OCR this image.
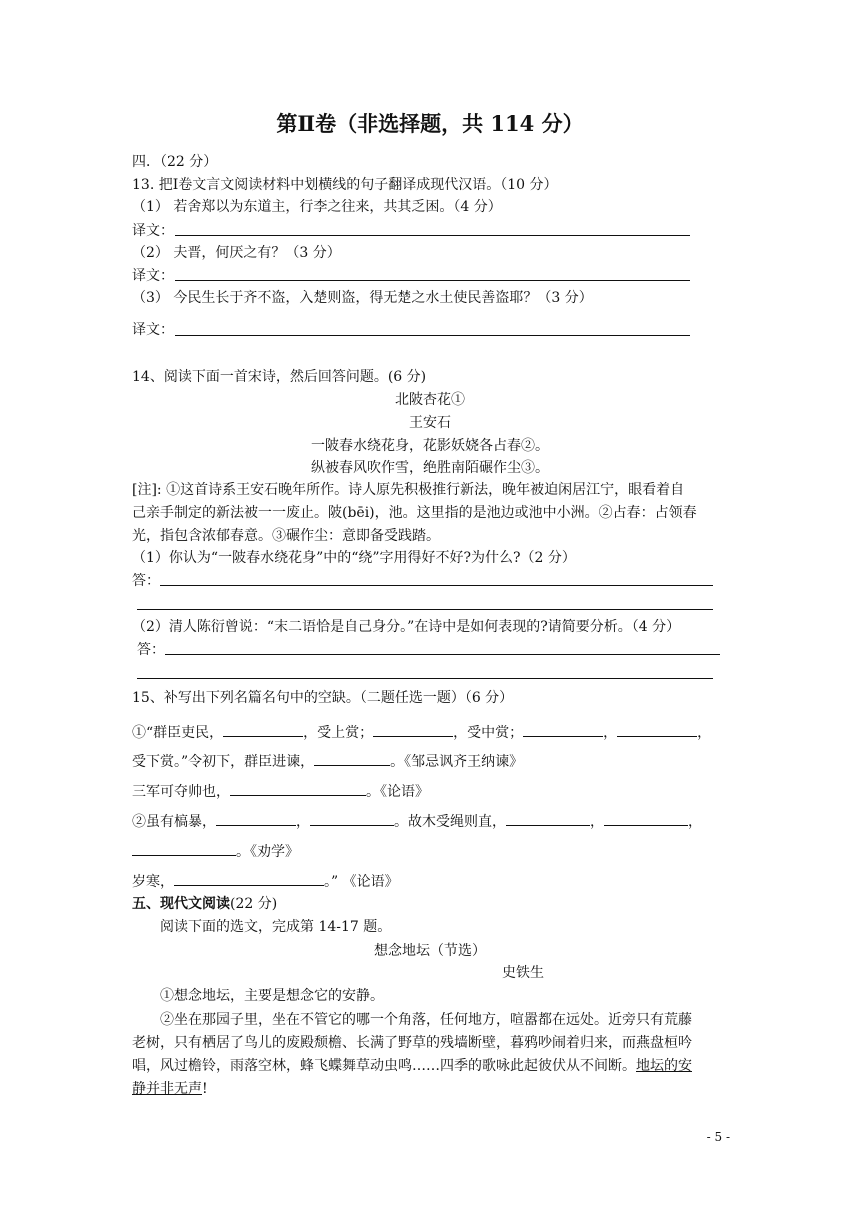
第Ⅱ卷（非选择题，共 114 分）
四．（22 分）
13. 把Ⅰ卷文言文阅读材料中划横线的句子翻译成现代汉语。（10 分）
（1） 若舍郑以为东道主，行李之往来，共其乏困。（4 分）
译文：
（2） 夫晋，何厌之有？（3 分）
译文：
（3） 今民生长于齐不盗，入楚则盗，得无楚之水土使民善盗耶？（3 分）
译文：
14、阅读下面一首宋诗，然后回答问题。(6 分)
北陂杏花①
王安石
一陂春水绕花身，花影妖娆各占春②。
纵被春风吹作雪，绝胜南陌碾作尘③。
[注]: ①这首诗系王安石晚年所作。诗人原先积极推行新法，晚年被迫闲居江宁，眼看着自
己亲手制定的新法被一一废止。陂(bēi)，池。这里指的是池边或池中小洲。②占春：占领春
光，指包含浓郁春意。③碾作尘：意即备受践踏。
（1）你认为“一陂春水绕花身”中的“绕”字用得好不好?为什么?（2 分）
答：
（2）清人陈衍曾说：“末二语恰是自己身分。”在诗中是如何表现的?请简要分析。（4 分）
答：
15、补写出下列名篇名句中的空缺。（二题任选一题）（6 分）
①“群臣吏民，	，受上赏；	，受中赏；	，	，
受下赏。”令初下，群臣进谏，	。《邹忌讽齐王纳谏》
三军可夺帅也，	。《论语》
②虽有槁暴，	，	。故木受绳则直，	，	，
。《劝学》
岁寒，	。” 《论语》
五、现代文阅读(22 分)
阅读下面的选文，完成第 14-17 题。
想念地坛（节选）
史铁生
①想念地坛，主要是想念它的安静。
②坐在那园子里，坐在不管它的哪一个角落，任何地方，喧嚣都在远处。近旁只有荒藤
老树，只有栖居了鸟儿的废殿颓檐、长满了野草的残墙断壁，暮鸦吵闹着归来，而燕盘桓吟
唱，风过檐铃，雨落空林，蜂飞蝶舞草动虫鸣……四季的歌咏此起彼伏从不间断。地坛的安
静并非无声!
- 5 -
